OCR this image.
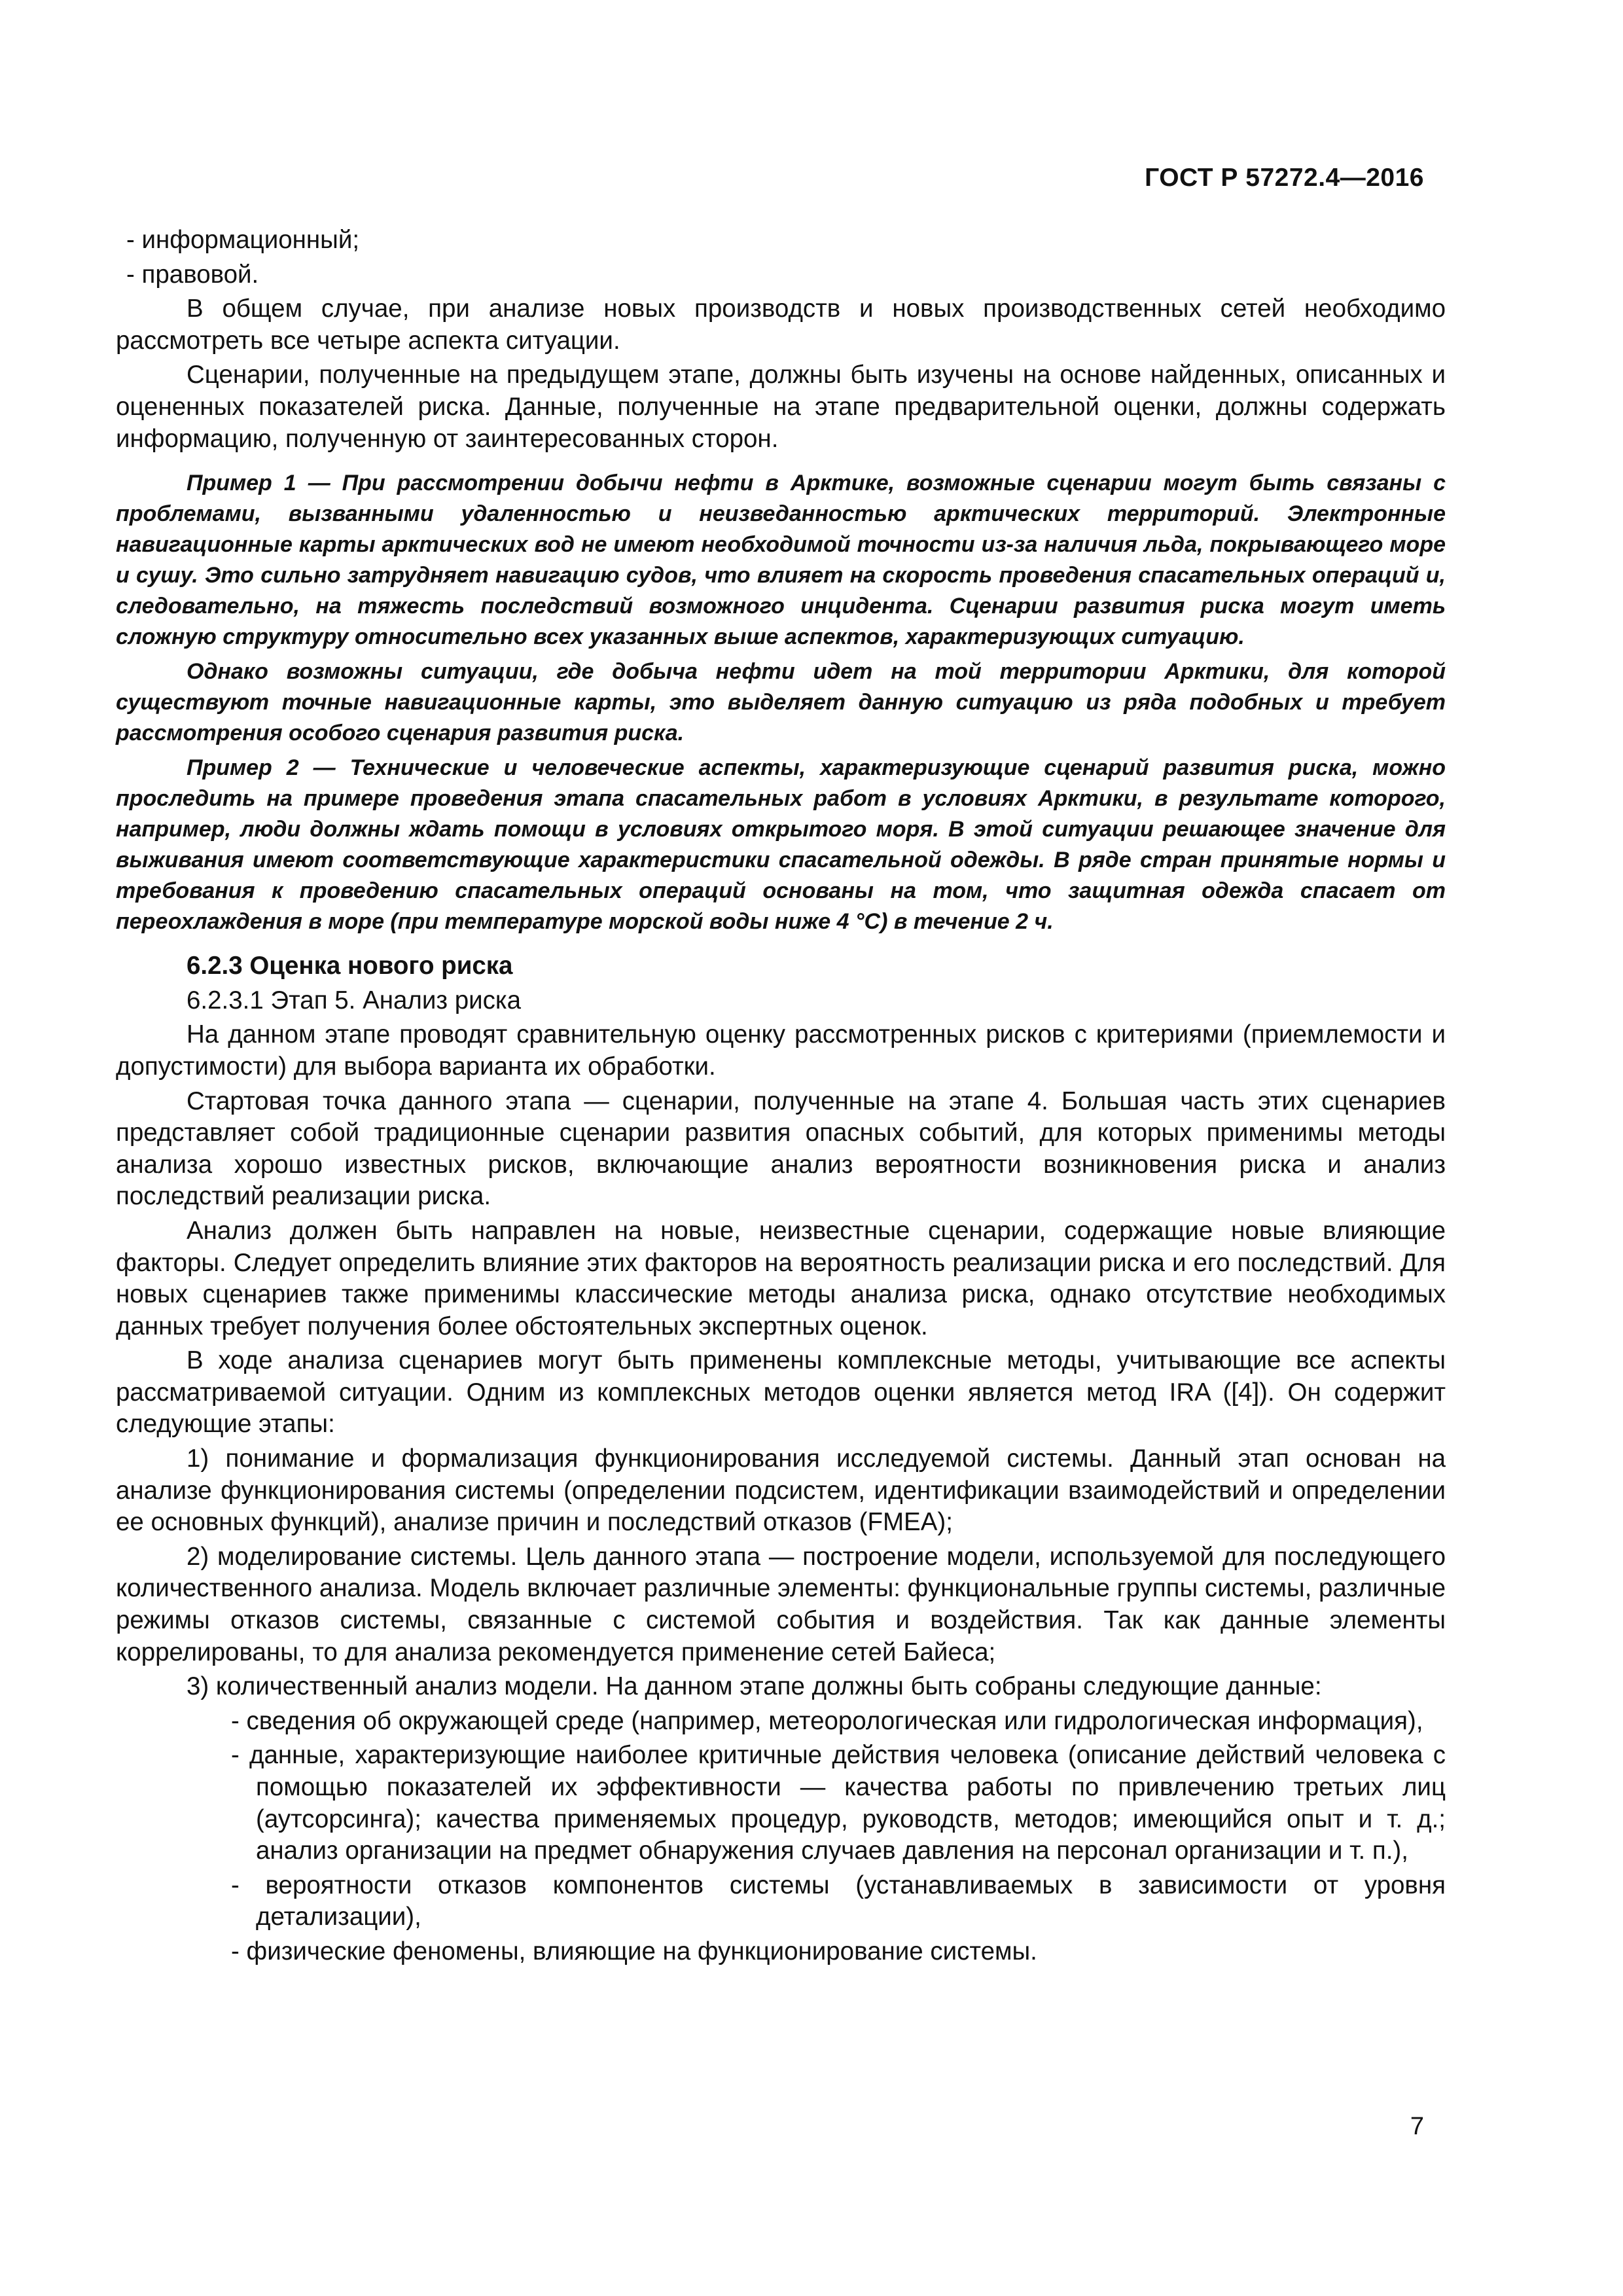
ГОСТ Р 57272.4—2016
- информационный;
- правовой.
В общем случае, при анализе новых производств и новых производственных сетей необходимо рассмотреть все четыре аспекта ситуации.
Сценарии, полученные на предыдущем этапе, должны быть изучены на основе найденных, описанных и оцененных показателей риска. Данные, полученные на этапе предварительной оценки, должны содержать информацию, полученную от заинтересованных сторон.
Пример 1 — При рассмотрении добычи нефти в Арктике, возможные сценарии могут быть связаны с проблемами, вызванными удаленностью и неизведанностью арктических территорий. Электронные навигационные карты арктических вод не имеют необходимой точности из-за наличия льда, покрывающего море и сушу. Это сильно затрудняет навигацию судов, что влияет на скорость проведения спасательных операций и, следовательно, на тяжесть последствий возможного инцидента. Сценарии развития риска могут иметь сложную структуру относительно всех указанных выше аспектов, характеризующих ситуацию.
Однако возможны ситуации, где добыча нефти идет на той территории Арктики, для которой существуют точные навигационные карты, это выделяет данную ситуацию из ряда подобных и требует рассмотрения особого сценария развития риска.
Пример 2 — Технические и человеческие аспекты, характеризующие сценарий развития риска, можно проследить на примере проведения этапа спасательных работ в условиях Арктики, в результате которого, например, люди должны ждать помощи в условиях открытого моря. В этой ситуации решающее значение для выживания имеют соответствующие характеристики спасательной одежды. В ряде стран принятые нормы и требования к проведению спасательных операций основаны на том, что защитная одежда спасает от переохлаждения в море (при температуре морской воды ниже 4 °С) в течение 2 ч.
6.2.3 Оценка нового риска
6.2.3.1 Этап 5. Анализ риска
На данном этапе проводят сравнительную оценку рассмотренных рисков с критериями (приемлемости и допустимости) для выбора варианта их обработки.
Стартовая точка данного этапа — сценарии, полученные на этапе 4. Большая часть этих сценариев представляет собой традиционные сценарии развития опасных событий, для которых применимы методы анализа хорошо известных рисков, включающие анализ вероятности возникновения риска и анализ последствий реализации риска.
Анализ должен быть направлен на новые, неизвестные сценарии, содержащие новые влияющие факторы. Следует определить влияние этих факторов на вероятность реализации риска и его последствий. Для новых сценариев также применимы классические методы анализа риска, однако отсутствие необходимых данных требует получения более обстоятельных экспертных оценок.
В ходе анализа сценариев могут быть применены комплексные методы, учитывающие все аспекты рассматриваемой ситуации. Одним из комплексных методов оценки является метод IRA ([4]). Он содержит следующие этапы:
1) понимание и формализация функционирования исследуемой системы. Данный этап основан на анализе функционирования системы (определении подсистем, идентификации взаимодействий и определении ее основных функций), анализе причин и последствий отказов (FMEA);
2) моделирование системы. Цель данного этапа — построение модели, используемой для последующего количественного анализа. Модель включает различные элементы: функциональные группы системы, различные режимы отказов системы, связанные с системой события и воздействия. Так как данные элементы коррелированы, то для анализа рекомендуется применение сетей Байеса;
3) количественный анализ модели. На данном этапе должны быть собраны следующие данные:
- сведения об окружающей среде (например, метеорологическая или гидрологическая информация),
- данные, характеризующие наиболее критичные действия человека (описание действий человека с помощью показателей их эффективности — качества работы по привлечению третьих лиц (аутсорсинга); качества применяемых процедур, руководств, методов; имеющийся опыт и т. д.; анализ организации на предмет обнаружения случаев давления на персонал организации и т. п.),
- вероятности отказов компонентов системы (устанавливаемых в зависимости от уровня детализации),
- физические феномены, влияющие на функционирование системы.
7
